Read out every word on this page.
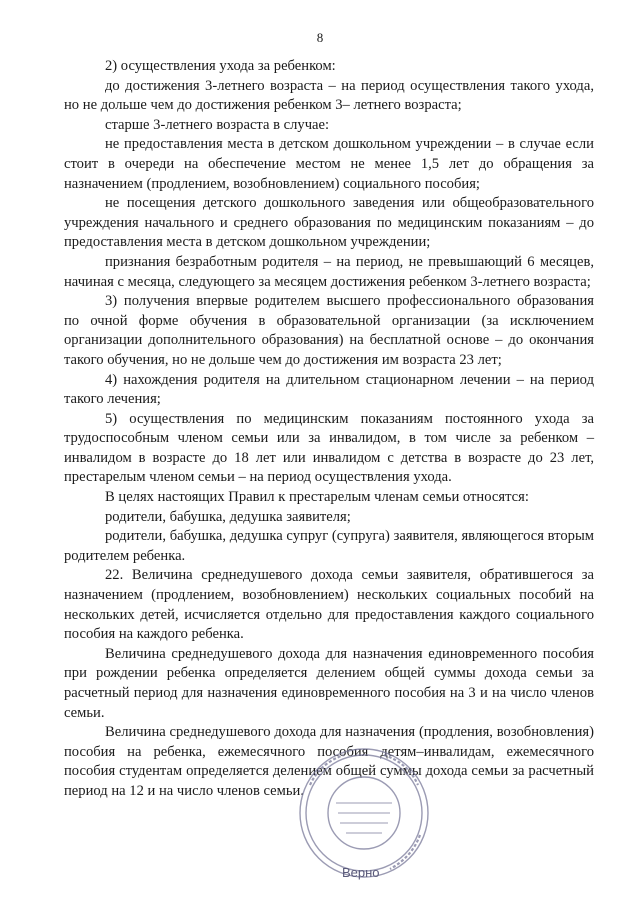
8

2) осуществления ухода за ребенком:

до достижения 3-летнего возраста – на период осуществления такого ухода, но не дольше чем до достижения ребенком 3– летнего возраста;

старше 3-летнего возраста в случае:

не предоставления места в детском дошкольном учреждении – в случае если стоит в очереди на обеспечение местом не менее 1,5 лет до обращения за назначением (продлением, возобновлением) социального пособия;

не посещения детского дошкольного заведения или общеобразовательного учреждения начального и среднего образования по медицинским показаниям – до предоставления места в детском дошкольном учреждении;

признания безработным родителя – на период, не превышающий 6 месяцев, начиная с месяца, следующего за месяцем достижения ребенком 3-летнего возраста;

3) получения впервые родителем высшего профессионального образования по очной форме обучения в образовательной организации (за исключением организации дополнительного образования) на бесплатной основе – до окончания такого обучения, но не дольше чем до достижения им возраста 23 лет;

4) нахождения родителя на длительном стационарном лечении – на период такого лечения;

5) осуществления по медицинским показаниям постоянного ухода за трудоспособным членом семьи или за инвалидом, в том числе за ребенком – инвалидом в возрасте до 18 лет или инвалидом с детства в возрасте до 23 лет, престарелым членом семьи – на период осуществления ухода.

В целях настоящих Правил к престарелым членам семьи относятся:

родители, бабушка, дедушка заявителя;

родители, бабушка, дедушка супруг (супруга) заявителя, являющегося вторым родителем ребенка.

22. Величина среднедушевого дохода семьи заявителя, обратившегося за назначением (продлением, возобновлением) нескольких социальных пособий на нескольких детей, исчисляется отдельно для предоставления каждого социального пособия на каждого ребенка.

Величина среднедушевого дохода для назначения единовременного пособия при рождении ребенка определяется делением общей суммы дохода семьи за расчетный период для назначения единовременного пособия на 3 и на число членов семьи.

Величина среднедушевого дохода для назначения (продления, возобновления) пособия на ребенка, ежемесячного пособия детям–инвалидам, ежемесячного пособия студентам определяется делением общей суммы дохода семьи за расчетный период на 12 и на число членов семьи.

Верно
